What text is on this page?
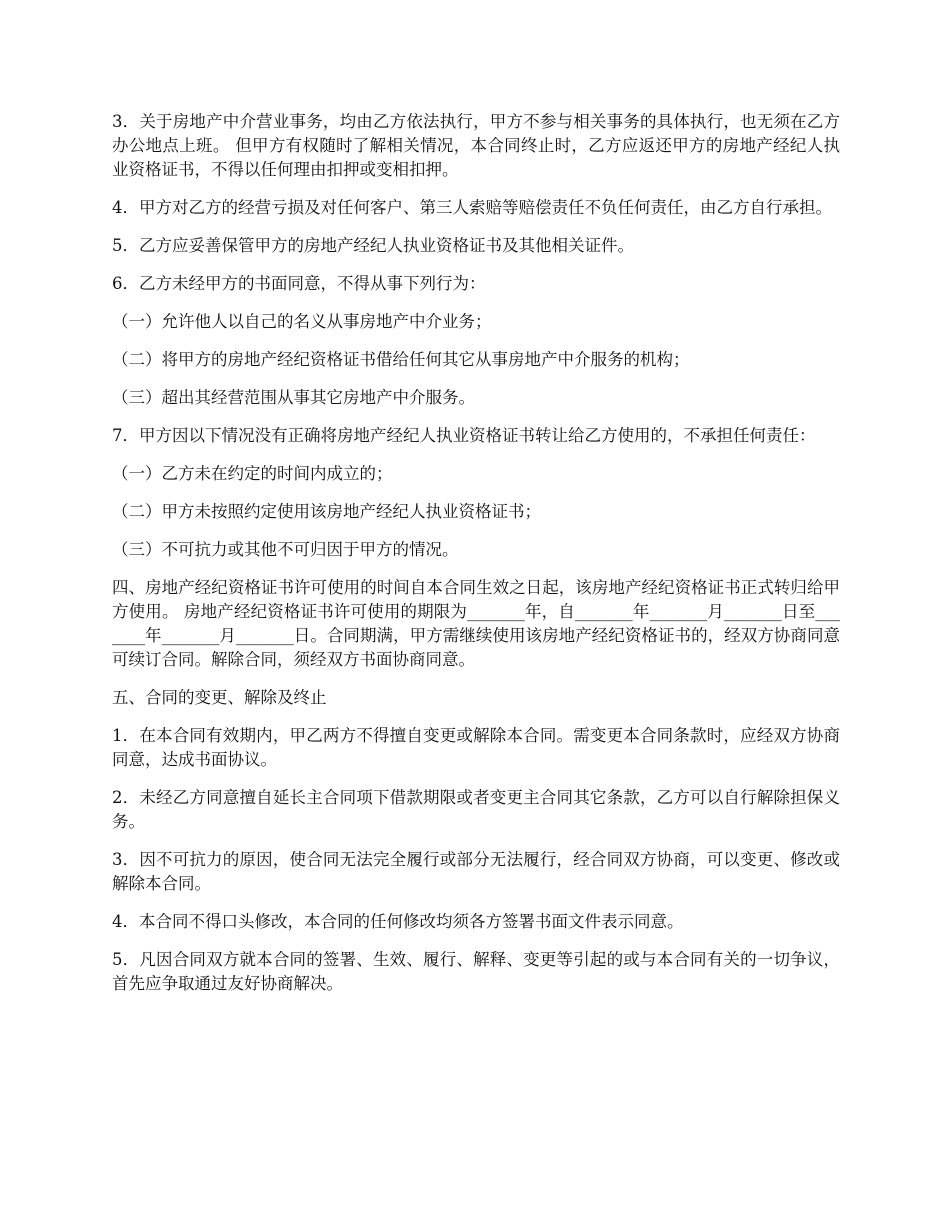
3．关于房地产中介营业事务，均由乙方依法执行，甲方不参与相关事务的具体执行，也无须在乙方办公地点上班。 但甲方有权随时了解相关情况，本合同终止时，乙方应返还甲方的房地产经纪人执业资格证书，不得以任何理由扣押或变相扣押。

4．甲方对乙方的经营亏损及对任何客户、第三人索赔等赔偿责任不负任何责任，由乙方自行承担。

5．乙方应妥善保管甲方的房地产经纪人执业资格证书及其他相关证件。

6．乙方未经甲方的书面同意，不得从事下列行为：

（一）允许他人以自己的名义从事房地产中介业务；

（二）将甲方的房地产经纪资格证书借给任何其它从事房地产中介服务的机构；

（三）超出其经营范围从事其它房地产中介服务。

7．甲方因以下情况没有正确将房地产经纪人执业资格证书转让给乙方使用的，不承担任何责任：

（一）乙方未在约定的时间内成立的；

（二）甲方未按照约定使用该房地产经纪人执业资格证书；

（三）不可抗力或其他不可归因于甲方的情况。

四、房地产经纪资格证书许可使用的时间自本合同生效之日起，该房地产经纪资格证书正式转归给甲方使用。 房地产经纪资格证书许可使用的期限为_______年，自_______年_______月_______日至_______年_______月_______日。合同期满，甲方需继续使用该房地产经纪资格证书的，经双方协商同意可续订合同。解除合同，须经双方书面协商同意。

五、合同的变更、解除及终止

1．在本合同有效期内，甲乙两方不得擅自变更或解除本合同。需变更本合同条款时，应经双方协商同意，达成书面协议。

2．未经乙方同意擅自延长主合同项下借款期限或者变更主合同其它条款，乙方可以自行解除担保义务。

3．因不可抗力的原因，使合同无法完全履行或部分无法履行，经合同双方协商，可以变更、修改或解除本合同。

4．本合同不得口头修改，本合同的任何修改均须各方签署书面文件表示同意。

5．凡因合同双方就本合同的签署、生效、履行、解释、变更等引起的或与本合同有关的一切争议，首先应争取通过友好协商解决。
